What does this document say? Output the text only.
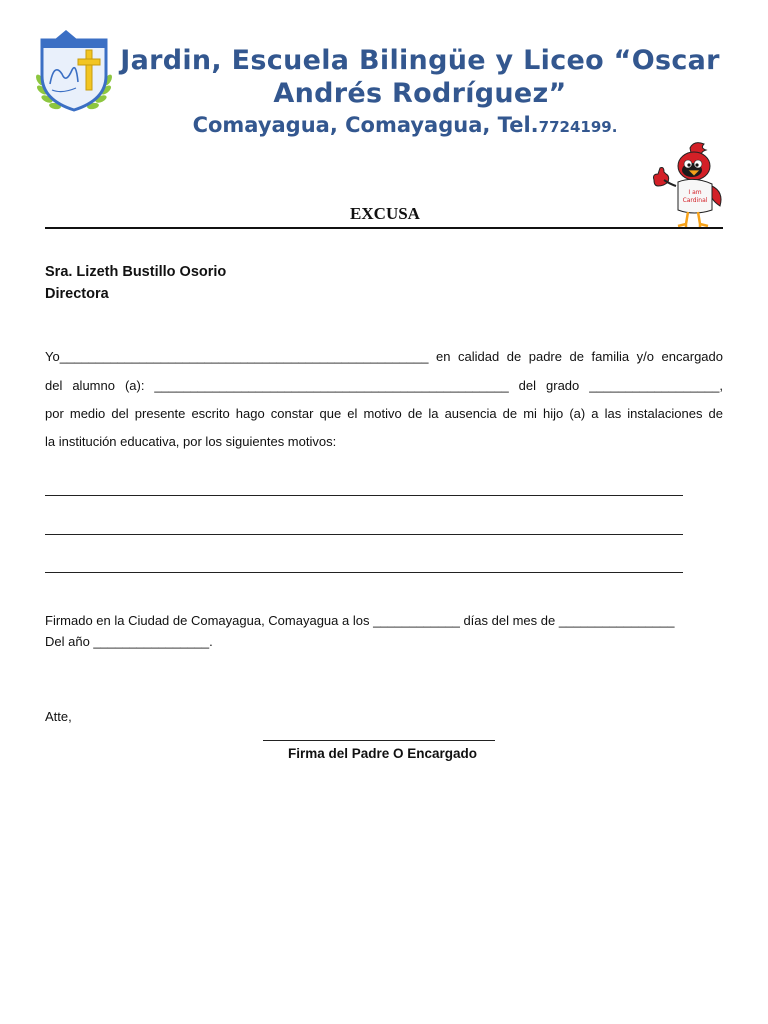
Jardin, Escuela Bilingüe y Liceo “Oscar Andrés Rodríguez”
Comayagua, Comayagua, Tel.7724199.
I am
Cardinal
EXCUSA
Sra. Lizeth Bustillo Osorio
Directora
Yo___________________________________________________ en calidad de padre de familia y/o encargado
del alumno (a): _________________________________________________ del grado __________________,
por medio del presente escrito hago constar que el motivo de la ausencia de mi hijo (a) a las instalaciones de
la institución educativa, por los siguientes motivos:
Firmado en la Ciudad de Comayagua, Comayagua a los ____________ días del mes de ________________
Del año ________________.
Atte,
Firma del Padre O Encargado
